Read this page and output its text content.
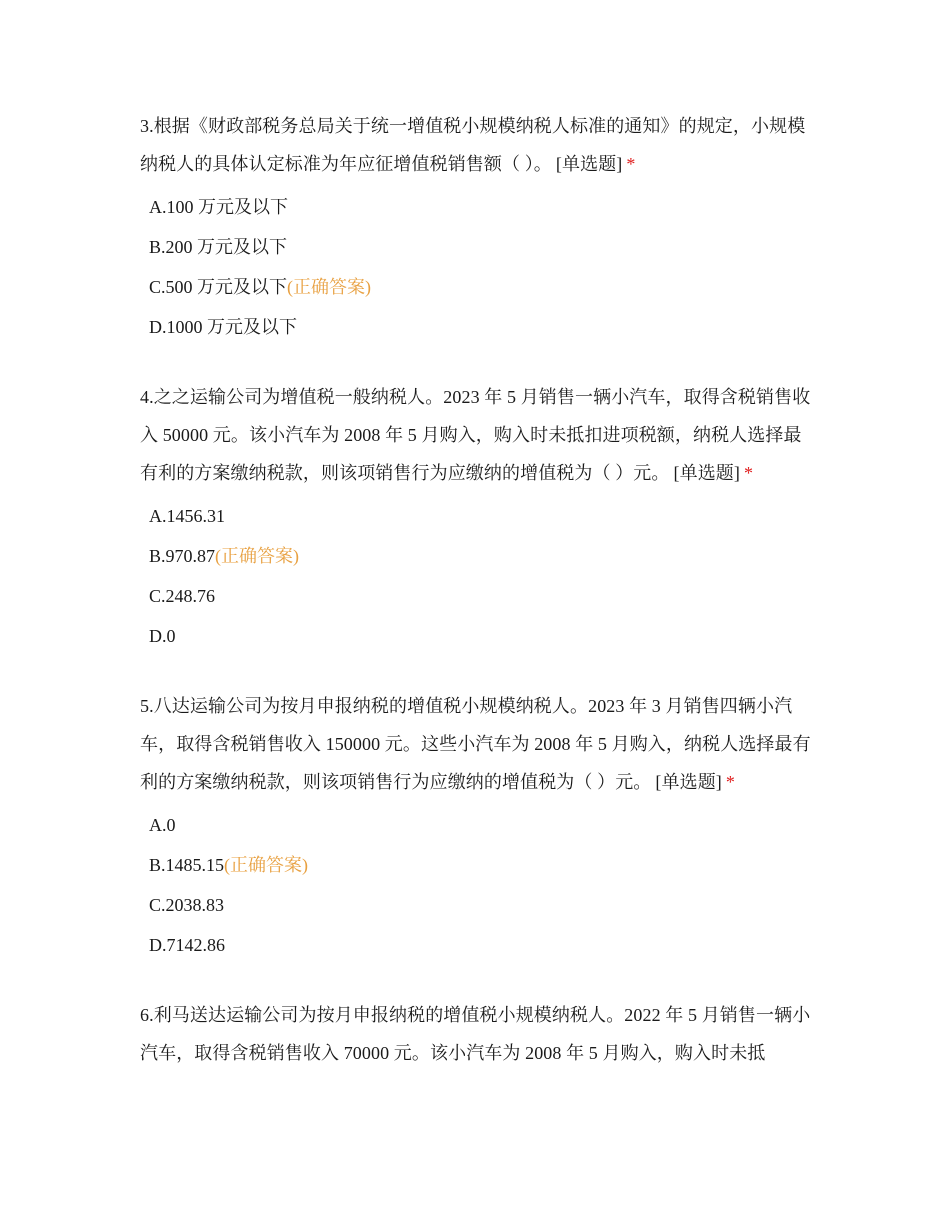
3.根据《财政部税务总局关于统一增值税小规模纳税人标准的通知》的规定，小规模纳税人的具体认定标准为年应征增值税销售额（ ）。 [单选题] *
A.100 万元及以下
B.200 万元及以下
C.500 万元及以下(正确答案)
D.1000 万元及以下
4.之之运输公司为增值税一般纳税人。2023 年 5 月销售一辆小汽车，取得含税销售收入 50000 元。该小汽车为 2008 年 5 月购入，购入时未抵扣进项税额，纳税人选择最有利的方案缴纳税款，则该项销售行为应缴纳的增值税为（ ）元。 [单选题] *
A.1456.31
B.970.87(正确答案)
C.248.76
D.0
5.八达运输公司为按月申报纳税的增值税小规模纳税人。2023 年 3 月销售四辆小汽车，取得含税销售收入 150000 元。这些小汽车为 2008 年 5 月购入，纳税人选择最有利的方案缴纳税款，则该项销售行为应缴纳的增值税为（ ）元。 [单选题] *
A.0
B.1485.15(正确答案)
C.2038.83
D.7142.86
6.利马送达运输公司为按月申报纳税的增值税小规模纳税人。2022 年 5 月销售一辆小汽车，取得含税销售收入 70000 元。该小汽车为 2008 年 5 月购入，购入时未抵
